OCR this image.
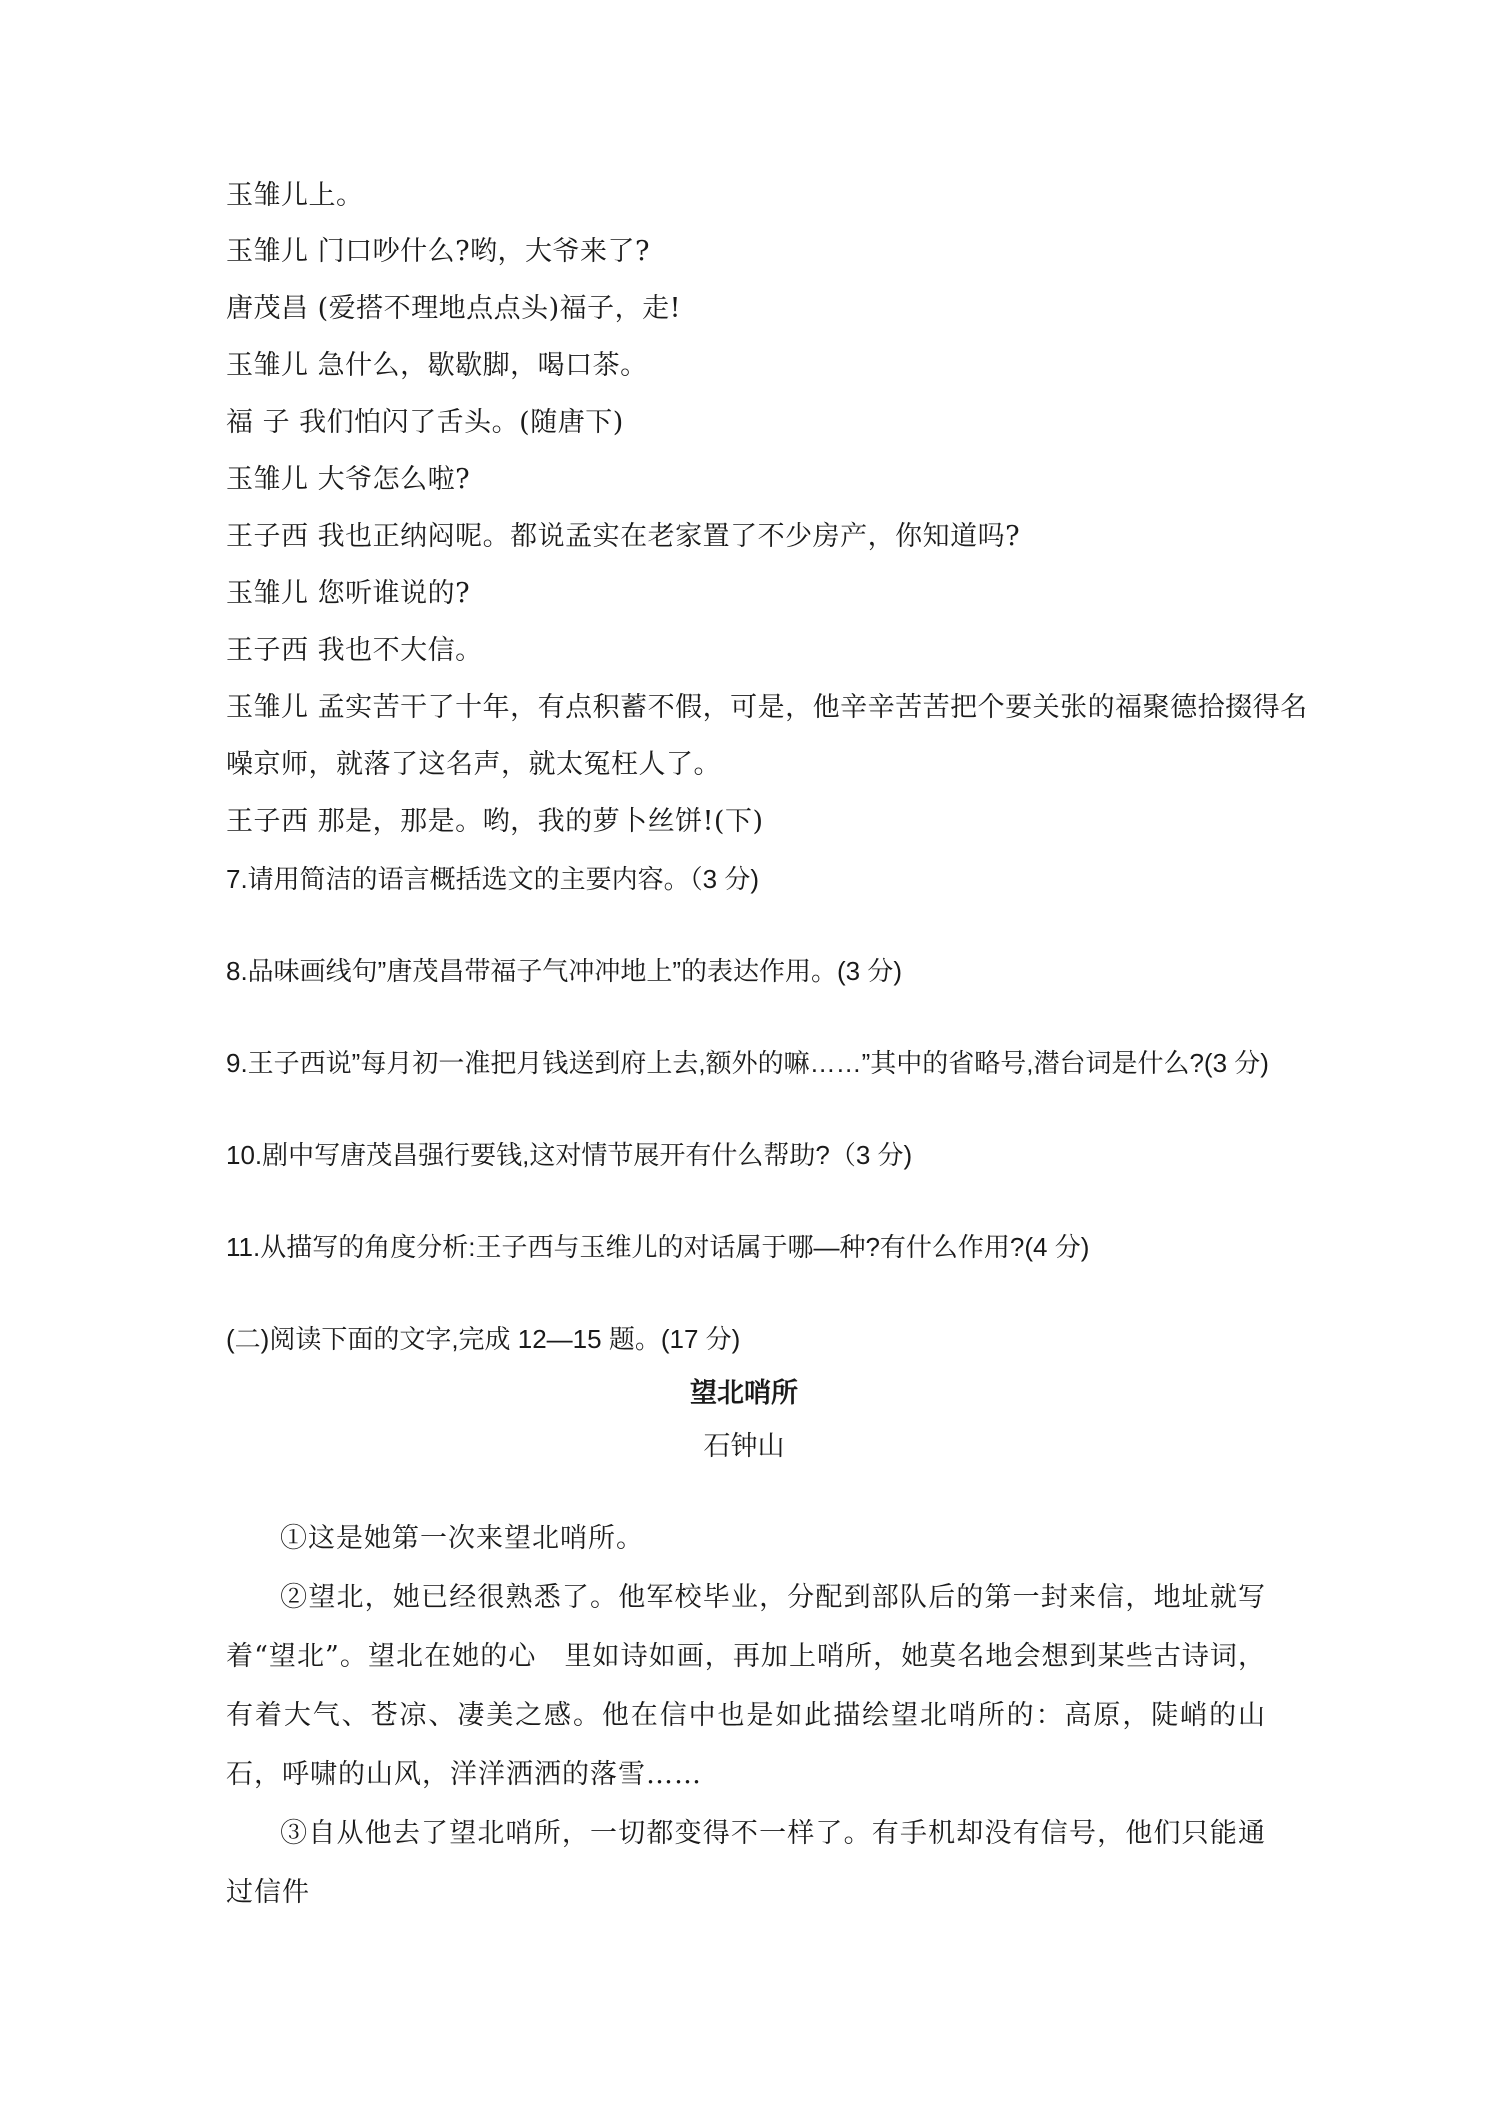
玉雏儿上。
玉雏儿 门口吵什么?哟，大爷来了?
唐茂昌 (爱搭不理地点点头)福子，走!
玉雏儿 急什么，歇歇脚，喝口茶。
福 子 我们怕闪了舌头。(随唐下)
玉雏儿 大爷怎么啦?
王子西 我也正纳闷呢。都说孟实在老家置了不少房产，你知道吗?
玉雏儿 您听谁说的?
王子西 我也不大信。
玉雏儿 孟实苦干了十年，有点积蓄不假，可是，他辛辛苦苦把个要关张的福聚德拾掇得名
噪京师，就落了这名声，就太冤枉人了。
王子西 那是，那是。哟，我的萝卜丝饼!(下)
7.请用简洁的语言概括选文的主要内容。（3 分)
8.品味画线句”唐茂昌带福子气冲冲地上”的表达作用。(3 分)
9.王子西说”每月初一准把月钱送到府上去,额外的嘛……”其中的省略号,潜台词是什么?(3 分)
10.剧中写唐茂昌强行要钱,这对情节展开有什么帮助?（3 分)
11.从描写的角度分析:王子西与玉维儿的对话属于哪—种?有什么作用?(4 分)
(二)阅读下面的文字,完成 12—15 题。(17 分)
望北哨所
石钟山
①这是她第一次来望北哨所。
②望北，她已经很熟悉了。他军校毕业，分配到部队后的第一封来信，地址就写着“望北”。望北在她的心　里如诗如画，再加上哨所，她莫名地会想到某些古诗词，有着大气、苍凉、凄美之感。他在信中也是如此描绘望北哨所的：高原，陡峭的山石，呼啸的山风，洋洋洒洒的落雪……
③自从他去了望北哨所，一切都变得不一样了。有手机却没有信号，他们只能通过信件
